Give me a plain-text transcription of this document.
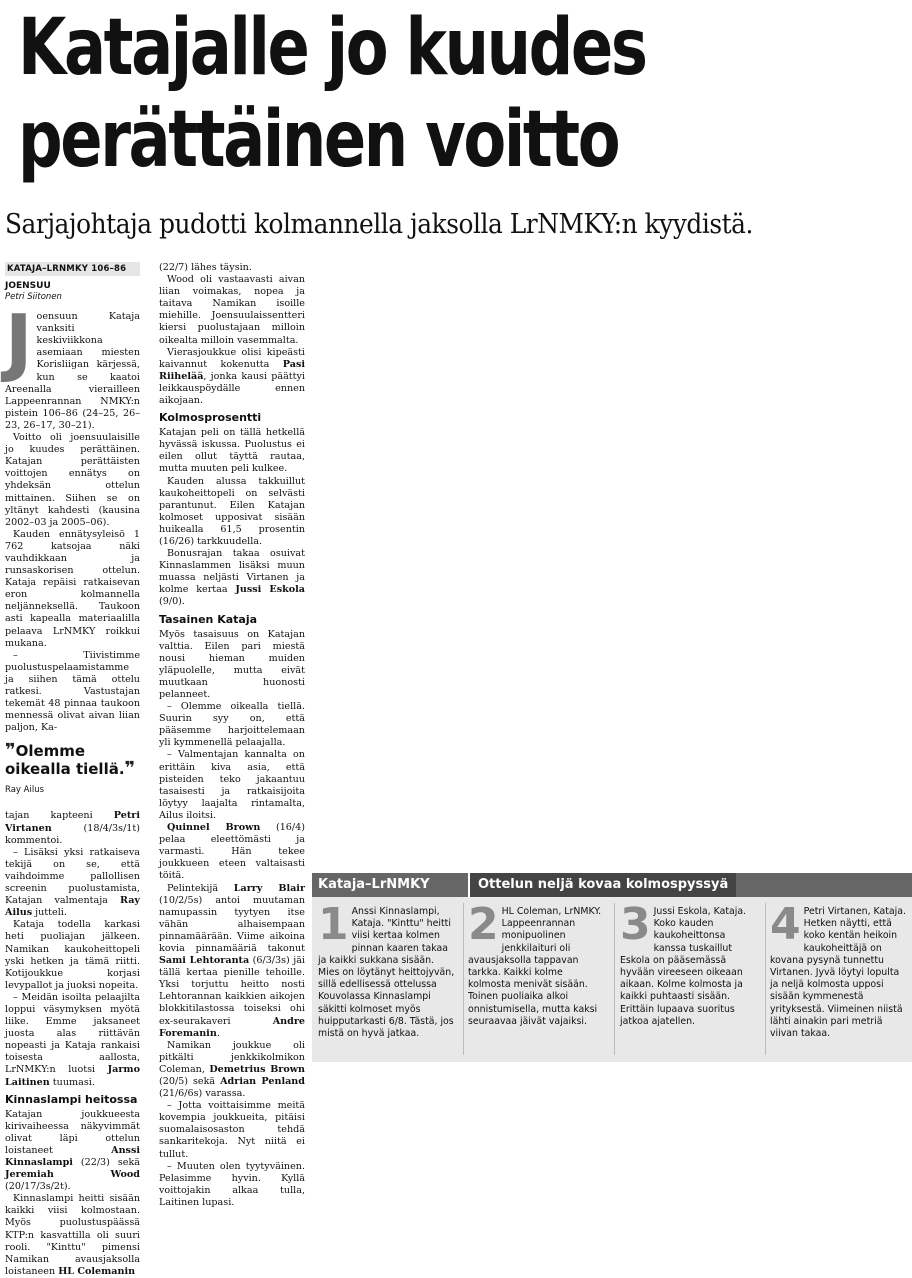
Katajalle jo kuudes
perättäinen voitto
Sarjajohtaja pudotti kolmannella jaksolla LrNMKY:n kyydistä.
KATAJA–LRNMKY 106–86
JOENSUU
Petri Siitonen

Joensuun Kataja vanksiti keskiviikkona asemiaan miesten Korisliigan kärjessä, kun se kaatoi Areenalla vierailleen Lappeenrannan NMKY:n pistein 106–86 (24–25, 26–23, 26–17, 30–21).

Voitto oli joensuulaisille jo kuudes perättäinen. Katajan perättäisten voittojen ennätys on yhdeksän ottelun mittainen. Siihen se on yltänyt kahdesti (kausina 2002–03 ja 2005–06).

Kauden ennätysyleisö 1 762 katsojaa näki vauhdikkaan ja runsaskorisen ottelun. Kataja repäisi ratkaisevan eron kolmannella neljänneksellä. Taukoon asti kapealla materiaalilla pelaava LrNMKY roikkui mukana.

– Tiivistimme puolustuspelaamistamme ja siihen tämä ottelu ratkesi. Vastustajan tekemät 48 pinnaa taukoon mennessä olivat aivan liian paljon, Ka-

❞Olemme oikealla tiellä.❞
Ray Ailus

tajan kapteeni Petri Virtanen (18/4/3s/1t) kommentoi.

– Lisäksi yksi ratkaiseva tekijä on se, että vaihdoimme pallollisen screenin puolustamista, Katajan valmentaja Ray Ailus jutteli.

Kataja todella karkasi heti puoliajan jälkeen. Namikan kaukoheittopeli yski hetken ja tämä riitti. Kotijoukkue korjasi levypallot ja juoksi nopeita.

– Meidän isoilta pelaajilta loppui väsymyksen myötä liike. Emme jaksaneet juosta alas riittävän nopeasti ja Kataja rankaisi toisesta aallosta, LrNMKY:n luotsi Jarmo Laitinen tuumasi.

Kinnaslampi heitossa

Katajan joukkueesta kirivaiheessa näkyvimmät olivat läpi ottelun loistaneet Anssi Kinnaslampi (22/3) sekä Jeremiah Wood (20/17/3s/2t).

Kinnaslampi heitti sisään kaikki viisi kolmostaan. Myös puolustuspäässä KTP:n kasvattilla oli suuri rooli. "Kinttu" pimensi Namikan avausjaksolla loistaneen HL Colemanin

(22/7) lähes täysin.

Wood oli vastaavasti aivan liian voimakas, nopea ja taitava Namikan isoille miehille. Joensuulaissentteri kiersi puolustajaan milloin oikealta milloin vasemmalta.

Vierasjoukkue olisi kipeästi kaivannut kokenutta Pasi Riihelää, jonka kausi päättyi leikkauspöydälle ennen aikojaan.

Kolmosprosentti

Katajan peli on tällä hetkellä hyvässä iskussa. Puolustus ei eilen ollut täyttä rautaa, mutta muuten peli kulkee.

Kauden alussa takkuillut kaukoheittopeli on selvästi parantunut. Eilen Katajan kolmoset upposivat sisään huikealla 61,5 prosentin (16/26) tarkkuudella.

Bonusrajan takaa osuivat Kinnaslammen lisäksi muun muassa neljästi Virtanen ja kolme kertaa Jussi Eskola (9/0).

Tasainen Kataja

Myös tasaisuus on Katajan valttia. Eilen pari miestä nousi hieman muiden yläpuolelle, mutta eivät muutkaan huonosti pelanneet.

– Olemme oikealla tiellä. Suurin syy on, että pääsemme harjoittelemaan yli kymmenellä pelaajalla.

– Valmentajan kannalta on erittäin kiva asia, että pisteiden teko jakaantuu tasaisesti ja ratkaisijoita löytyy laajalta rintamalta, Ailus iloitsi.

Quinnel Brown (16/4) pelaa eleettömästi ja varmasti. Hän tekee joukkueen eteen valtaisasti töitä.

Pelintekijä Larry Blair (10/2/5s) antoi muutaman namupassin tyytyen itse vähän alhaisempaan pinnamäärään. Viime aikoina kovia pinnamääriä takonut Sami Lehtoranta (6/3/3s) jäi tällä kertaa pienille tehoille. Yksi torjuttu heitto nosti Lehtorannan kaikkien aikojen blokkitilastossa toiseksi ohi ex-seurakaveri Andre Foremanin.

Namikan joukkue oli pitkälti jenkkikolmikon Coleman, Demetrius Brown (20/5) sekä Adrian Penland (21/6/6s) varassa.

– Jotta voittaisimme meitä kovempia joukkueita, pitäisi suomalaisosaston tehdä sankaritekoja. Nyt niitä ei tullut.

– Muuten olen tyytyväinen. Pelasimme hyvin. Kyllä voittojakin alkaa tulla, Laitinen lupasi.

Kataja–LrNMKY	Ottelun neljä kovaa kolmospyssyä
1 Anssi Kinnaslampi, Kataja. "Kinttu" heitti viisi kertaa kolmen pinnan kaaren takaa ja kaikki sukkana sisään. Mies on löytänyt heittojyvän, sillä edellisessä ottelussa Kouvolassa Kinnaslampi säkitti kolmoset myös huipputarkasti 6/8. Tästä, jos mistä on hyvä jatkaa.
2 HL Coleman, LrNMKY. Lappeenrannan monipuolinen jenkkilaituri oli avausjaksolla tappavan tarkka. Kaikki kolme kolmosta menivät sisään. Toinen puoliaika alkoi onnistumisella, mutta kaksi seuraavaa jäivät vajaiksi.
3 Jussi Eskola, Kataja. Koko kauden kaukoheittonsa kanssa tuskaillut Eskola on pääsemässä hyvään vireeseen oikeaan aikaan. Kolme kolmosta ja kaikki puhtaasti sisään. Erittäin lupaava suoritus jatkoa ajatellen.
4 Petri Virtanen, Kataja. Hetken näytti, että koko kentän heikoin kaukoheittäjä on kovana pysynä tunnettu Virtanen. Jyvä löytyi lopulta ja neljä kolmosta upposi sisään kymmenestä yrityksestä. Viimeinen niistä lähti ainakin pari metriä viivan takaa.
